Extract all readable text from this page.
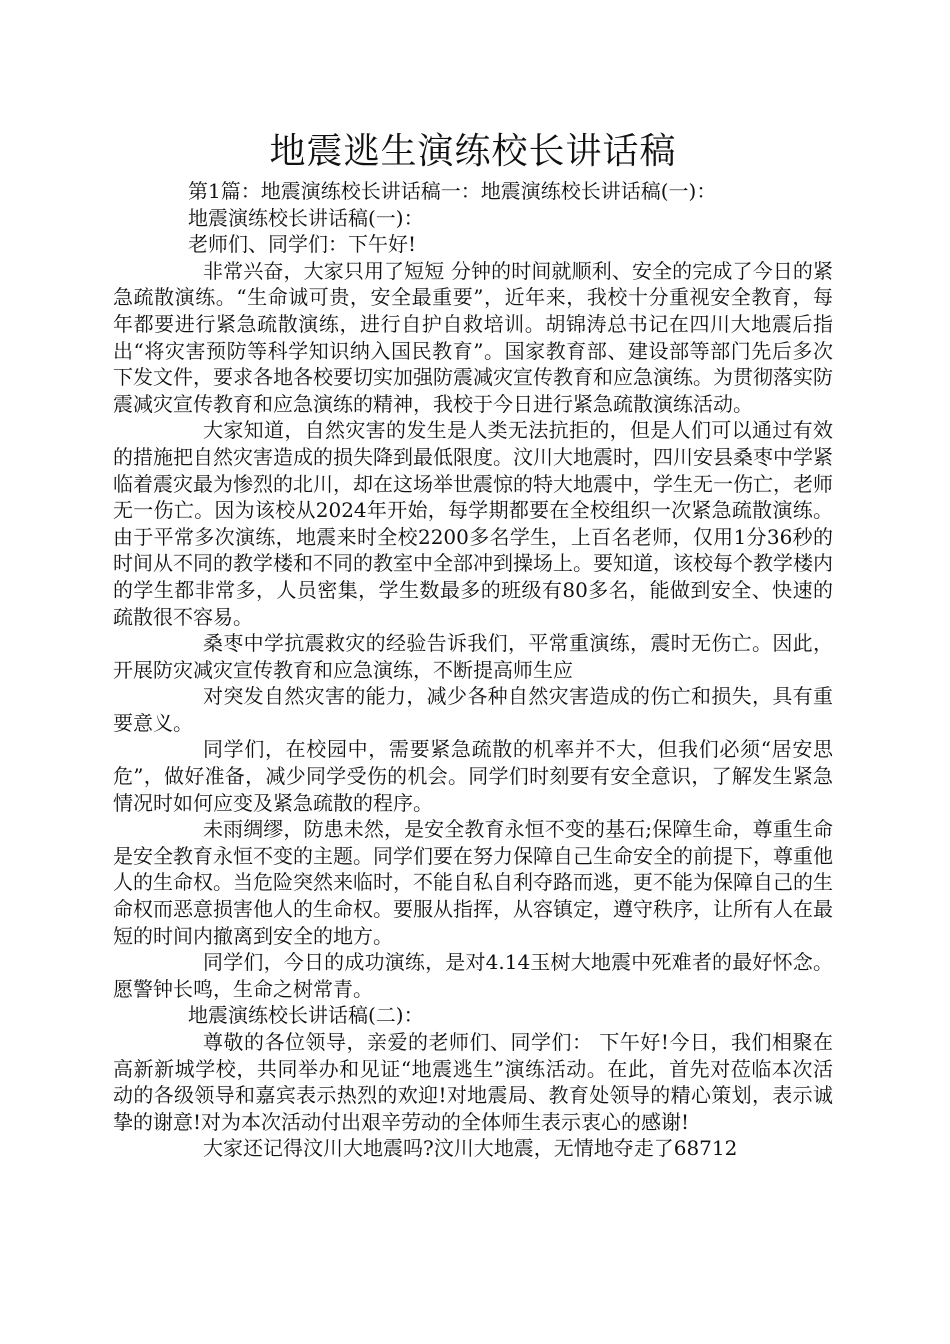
地震逃生演练校长讲话稿

第1篇：地震演练校长讲话稿一：地震演练校长讲话稿(一)：

地震演练校长讲话稿(一)：

老师们、同学们：下午好!

非常兴奋，大家只用了短短 分钟的时间就顺利、安全的完成了今日的紧急疏散演练。“生命诚可贵，安全最重要”，近年来，我校十分重视安全教育，每年都要进行紧急疏散演练，进行自护自救培训。胡锦涛总书记在四川大地震后指出“将灾害预防等科学知识纳入国民教育”。国家教育部、建设部等部门先后多次下发文件，要求各地各校要切实加强防震减灾宣传教育和应急演练。为贯彻落实防震减灾宣传教育和应急演练的精神，我校于今日进行紧急疏散演练活动。

大家知道，自然灾害的发生是人类无法抗拒的，但是人们可以通过有效的措施把自然灾害造成的损失降到最低限度。汶川大地震时，四川安县桑枣中学紧临着震灾最为惨烈的北川，却在这场举世震惊的特大地震中，学生无一伤亡，老师无一伤亡。因为该校从2024年开始，每学期都要在全校组织一次紧急疏散演练。由于平常多次演练，地震来时全校2200多名学生，上百名老师，仅用1分36秒的时间从不同的教学楼和不同的教室中全部冲到操场上。要知道，该校每个教学楼内的学生都非常多，人员密集，学生数最多的班级有80多名，能做到安全、快速的疏散很不容易。

桑枣中学抗震救灾的经验告诉我们，平常重演练，震时无伤亡。因此，开展防灾减灾宣传教育和应急演练，不断提高师生应

对突发自然灾害的能力，减少各种自然灾害造成的伤亡和损失，具有重要意义。

同学们，在校园中，需要紧急疏散的机率并不大，但我们必须“居安思危”，做好准备，减少同学受伤的机会。同学们时刻要有安全意识，了解发生紧急情况时如何应变及紧急疏散的程序。

未雨绸缪，防患未然，是安全教育永恒不变的基石;保障生命，尊重生命是安全教育永恒不变的主题。同学们要在努力保障自己生命安全的前提下，尊重他人的生命权。当危险突然来临时，不能自私自利夺路而逃，更不能为保障自己的生命权而恶意损害他人的生命权。要服从指挥，从容镇定，遵守秩序，让所有人在最短的时间内撤离到安全的地方。

同学们，今日的成功演练，是对4.14玉树大地震中死难者的最好怀念。愿警钟长鸣，生命之树常青。

地震演练校长讲话稿(二)：

尊敬的各位领导，亲爱的老师们、同学们： 下午好!今日，我们相聚在高新新城学校，共同举办和见证“地震逃生”演练活动。在此，首先对莅临本次活动的各级领导和嘉宾表示热烈的欢迎!对地震局、教育处领导的精心策划，表示诚挚的谢意!对为本次活动付出艰辛劳动的全体师生表示衷心的感谢!

大家还记得汶川大地震吗?汶川大地震，无情地夺走了68712
